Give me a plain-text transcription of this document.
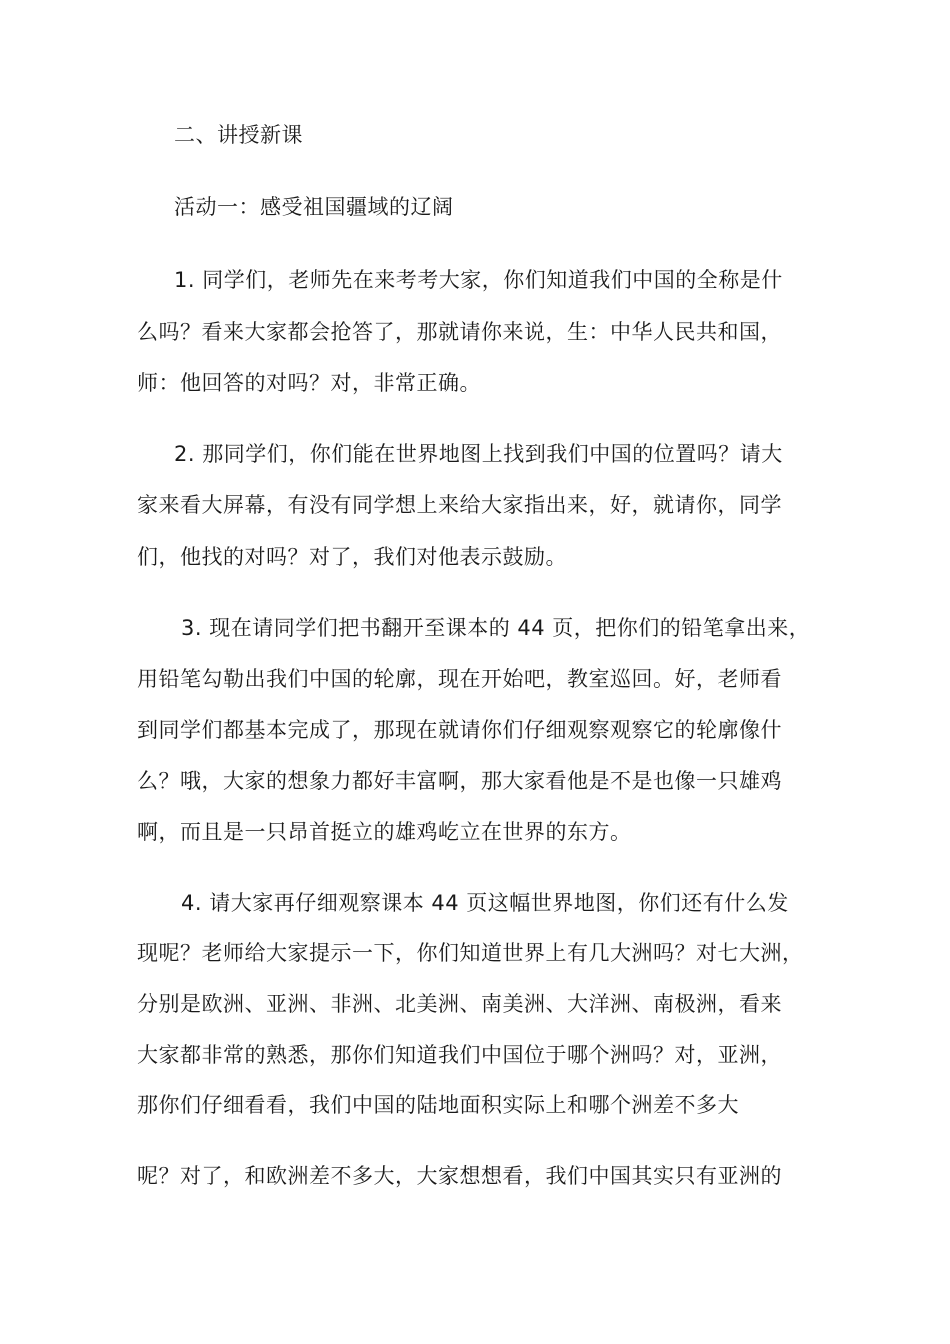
二、讲授新课
活动一：感受祖国疆域的辽阔
1. 同学们，老师先在来考考大家，你们知道我们中国的全称是什
么吗？看来大家都会抢答了，那就请你来说，生：中华人民共和国，
师：他回答的对吗？对，非常正确。
2. 那同学们，你们能在世界地图上找到我们中国的位置吗？请大
家来看大屏幕，有没有同学想上来给大家指出来，好，就请你，同学
们，他找的对吗？对了，我们对他表示鼓励。
3. 现在请同学们把书翻开至课本的 44 页，把你们的铅笔拿出来，
用铅笔勾勒出我们中国的轮廓，现在开始吧，教室巡回。好，老师看
到同学们都基本完成了，那现在就请你们仔细观察观察它的轮廓像什
么？哦，大家的想象力都好丰富啊，那大家看他是不是也像一只雄鸡
啊，而且是一只昂首挺立的雄鸡屹立在世界的东方。
4. 请大家再仔细观察课本 44 页这幅世界地图，你们还有什么发
现呢？老师给大家提示一下，你们知道世界上有几大洲吗？对七大洲，
分别是欧洲、亚洲、非洲、北美洲、南美洲、大洋洲、南极洲，看来
大家都非常的熟悉，那你们知道我们中国位于哪个洲吗？对，亚洲，
那你们仔细看看，我们中国的陆地面积实际上和哪个洲差不多大
呢？对了，和欧洲差不多大，大家想想看，我们中国其实只有亚洲的
